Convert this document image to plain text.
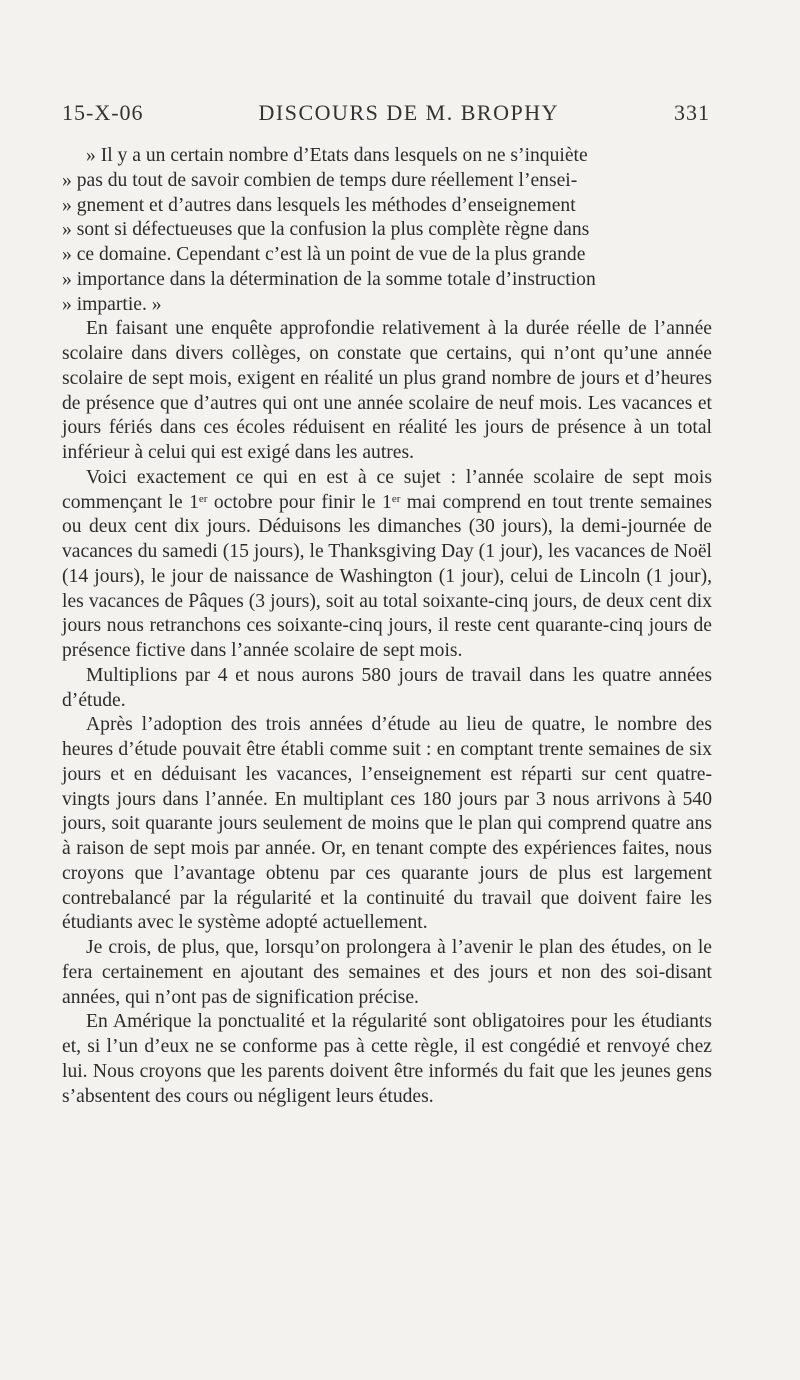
15-X-06	DISCOURS DE M. BROPHY	331

» Il y a un certain nombre d’Etats dans lesquels on ne s’inquiète

» pas du tout de savoir combien de temps dure réellement l’ensei-

» gnement et d’autres dans lesquels les méthodes d’enseignement

» sont si défectueuses que la confusion la plus complète règne dans

» ce domaine. Cependant c’est là un point de vue de la plus grande

» importance dans la détermination de la somme totale d’instruction

» impartie. »

En faisant une enquête approfondie relativement à la durée réelle de l’année scolaire dans divers collèges, on constate que certains, qui n’ont qu’une année scolaire de sept mois, exigent en réalité un plus grand nombre de jours et d’heures de présence que d’autres qui ont une année scolaire de neuf mois. Les vacances et jours fériés dans ces écoles réduisent en réalité les jours de présence à un total inférieur à celui qui est exigé dans les autres.

Voici exactement ce qui en est à ce sujet : l’année scolaire de sept mois commençant le 1er octobre pour finir le 1er mai comprend en tout trente semaines ou deux cent dix jours. Déduisons les dimanches (30 jours), la demi-journée de vacances du samedi (15 jours), le Thanksgiving Day (1 jour), les vacances de Noël (14 jours), le jour de naissance de Washington (1 jour), celui de Lincoln (1 jour), les vacances de Pâques (3 jours), soit au total soixante-cinq jours, de deux cent dix jours nous retranchons ces soixante-cinq jours, il reste cent quarante-cinq jours de présence fictive dans l’année scolaire de sept mois.

Multiplions par 4 et nous aurons 580 jours de travail dans les quatre années d’étude.

Après l’adoption des trois années d’étude au lieu de quatre, le nombre des heures d’étude pouvait être établi comme suit : en comptant trente semaines de six jours et en déduisant les vacances, l’enseignement est réparti sur cent quatre-vingts jours dans l’année. En multiplant ces 180 jours par 3 nous arrivons à 540 jours, soit quarante jours seulement de moins que le plan qui comprend quatre ans à raison de sept mois par année. Or, en tenant compte des expériences faites, nous croyons que l’avantage obtenu par ces quarante jours de plus est largement contrebalancé par la régularité et la continuité du travail que doivent faire les étudiants avec le système adopté actuellement.

Je crois, de plus, que, lorsqu’on prolongera à l’avenir le plan des études, on le fera certainement en ajoutant des semaines et des jours et non des soi-disant années, qui n’ont pas de signification précise.

En Amérique la ponctualité et la régularité sont obligatoires pour les étudiants et, si l’un d’eux ne se conforme pas à cette règle, il est congédié et renvoyé chez lui. Nous croyons que les parents doivent être informés du fait que les jeunes gens s’absentent des cours ou négligent leurs études.
